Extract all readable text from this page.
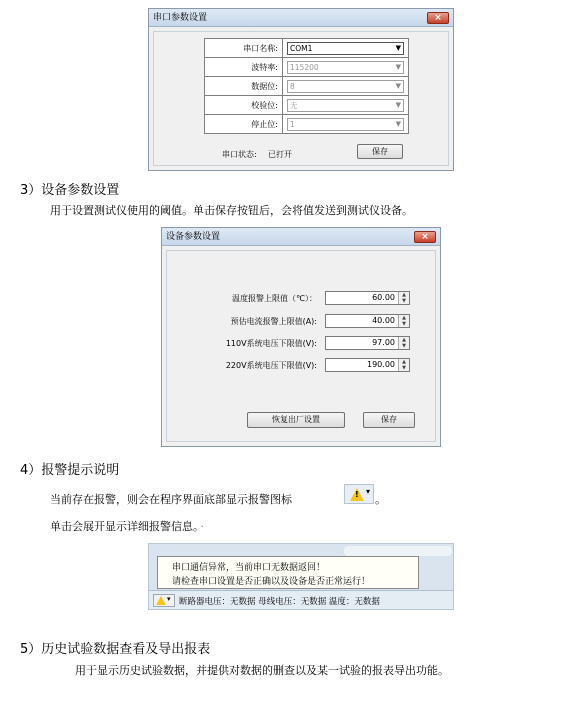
串口参数设置	×
串口名称:	COM1 ▼

波特率:	115200 ▼

数据位:	8 ▼

校验位:	无 ▼

停止位:	1 ▼
串口状态: 已打开	保存
3）设备参数设置
用于设置测试仪使用的阈值。单击保存按钮后，会将值发送到测试仪设备。
设备参数设置	×
温度报警上限值（℃）：	60.00	▲
▼
预估电流报警上限值(A):	40.00	▲
▼
110V系统电压下限值(V):	97.00	▲
▼
220V系统电压下限值(V):	190.00	▲
▼
恢复出厂设置	保存
4）报警提示说明
当前存在报警，则会在程序界面底部显示报警图标	! ▾
。
单击会展开显示详细报警信息。 ·
串口通信异常，当前串口无数据返回！
请检查串口设置是否正确以及设备是否正常运行！
▾ 断路器电压：无数据 母线电压：无数据 温度：无数据
5）历史试验数据查看及导出报表
用于显示历史试验数据，并提供对数据的删查以及某一试验的报表导出功能。
